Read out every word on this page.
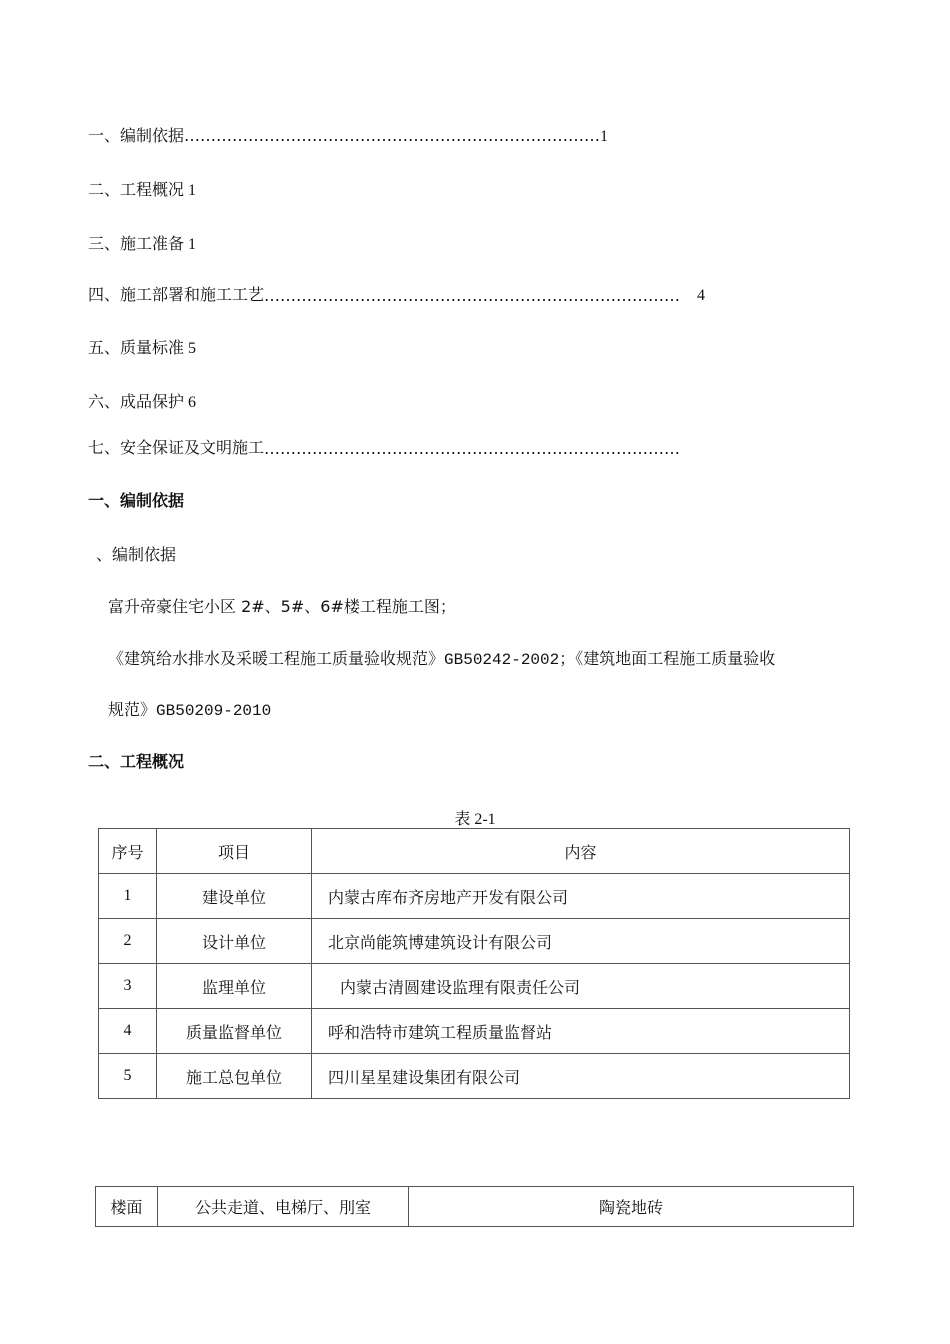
一、编制依据……………………………………………………………………1
二、工程概况 1
三、施工准备 1
四、施工部署和施工工艺…………………………………………………………………… 4
五、质量标准 5
六、成品保护 6
七、安全保证及文明施工……………………………………………………………………
一、编制依据
、编制依据
富升帝豪住宅小区 2#、5#、6#楼工程施工图；
《建筑给水排水及采暖工程施工质量验收规范》GB50242-2002；《建筑地面工程施工质量验收
规范》GB50209-2010
二、工程概况
表 2-1
序号	项目	内容
1	建设单位	内蒙古库布齐房地产开发有限公司
2	设计单位	北京尚能筑博建筑设计有限公司
3	监理单位	内蒙古清圆建设监理有限责任公司
4	质量监督单位	呼和浩特市建筑工程质量监督站
5	施工总包单位	四川星星建设集团有限公司
楼面	公共走道、电梯厅、刖室	陶瓷地砖
